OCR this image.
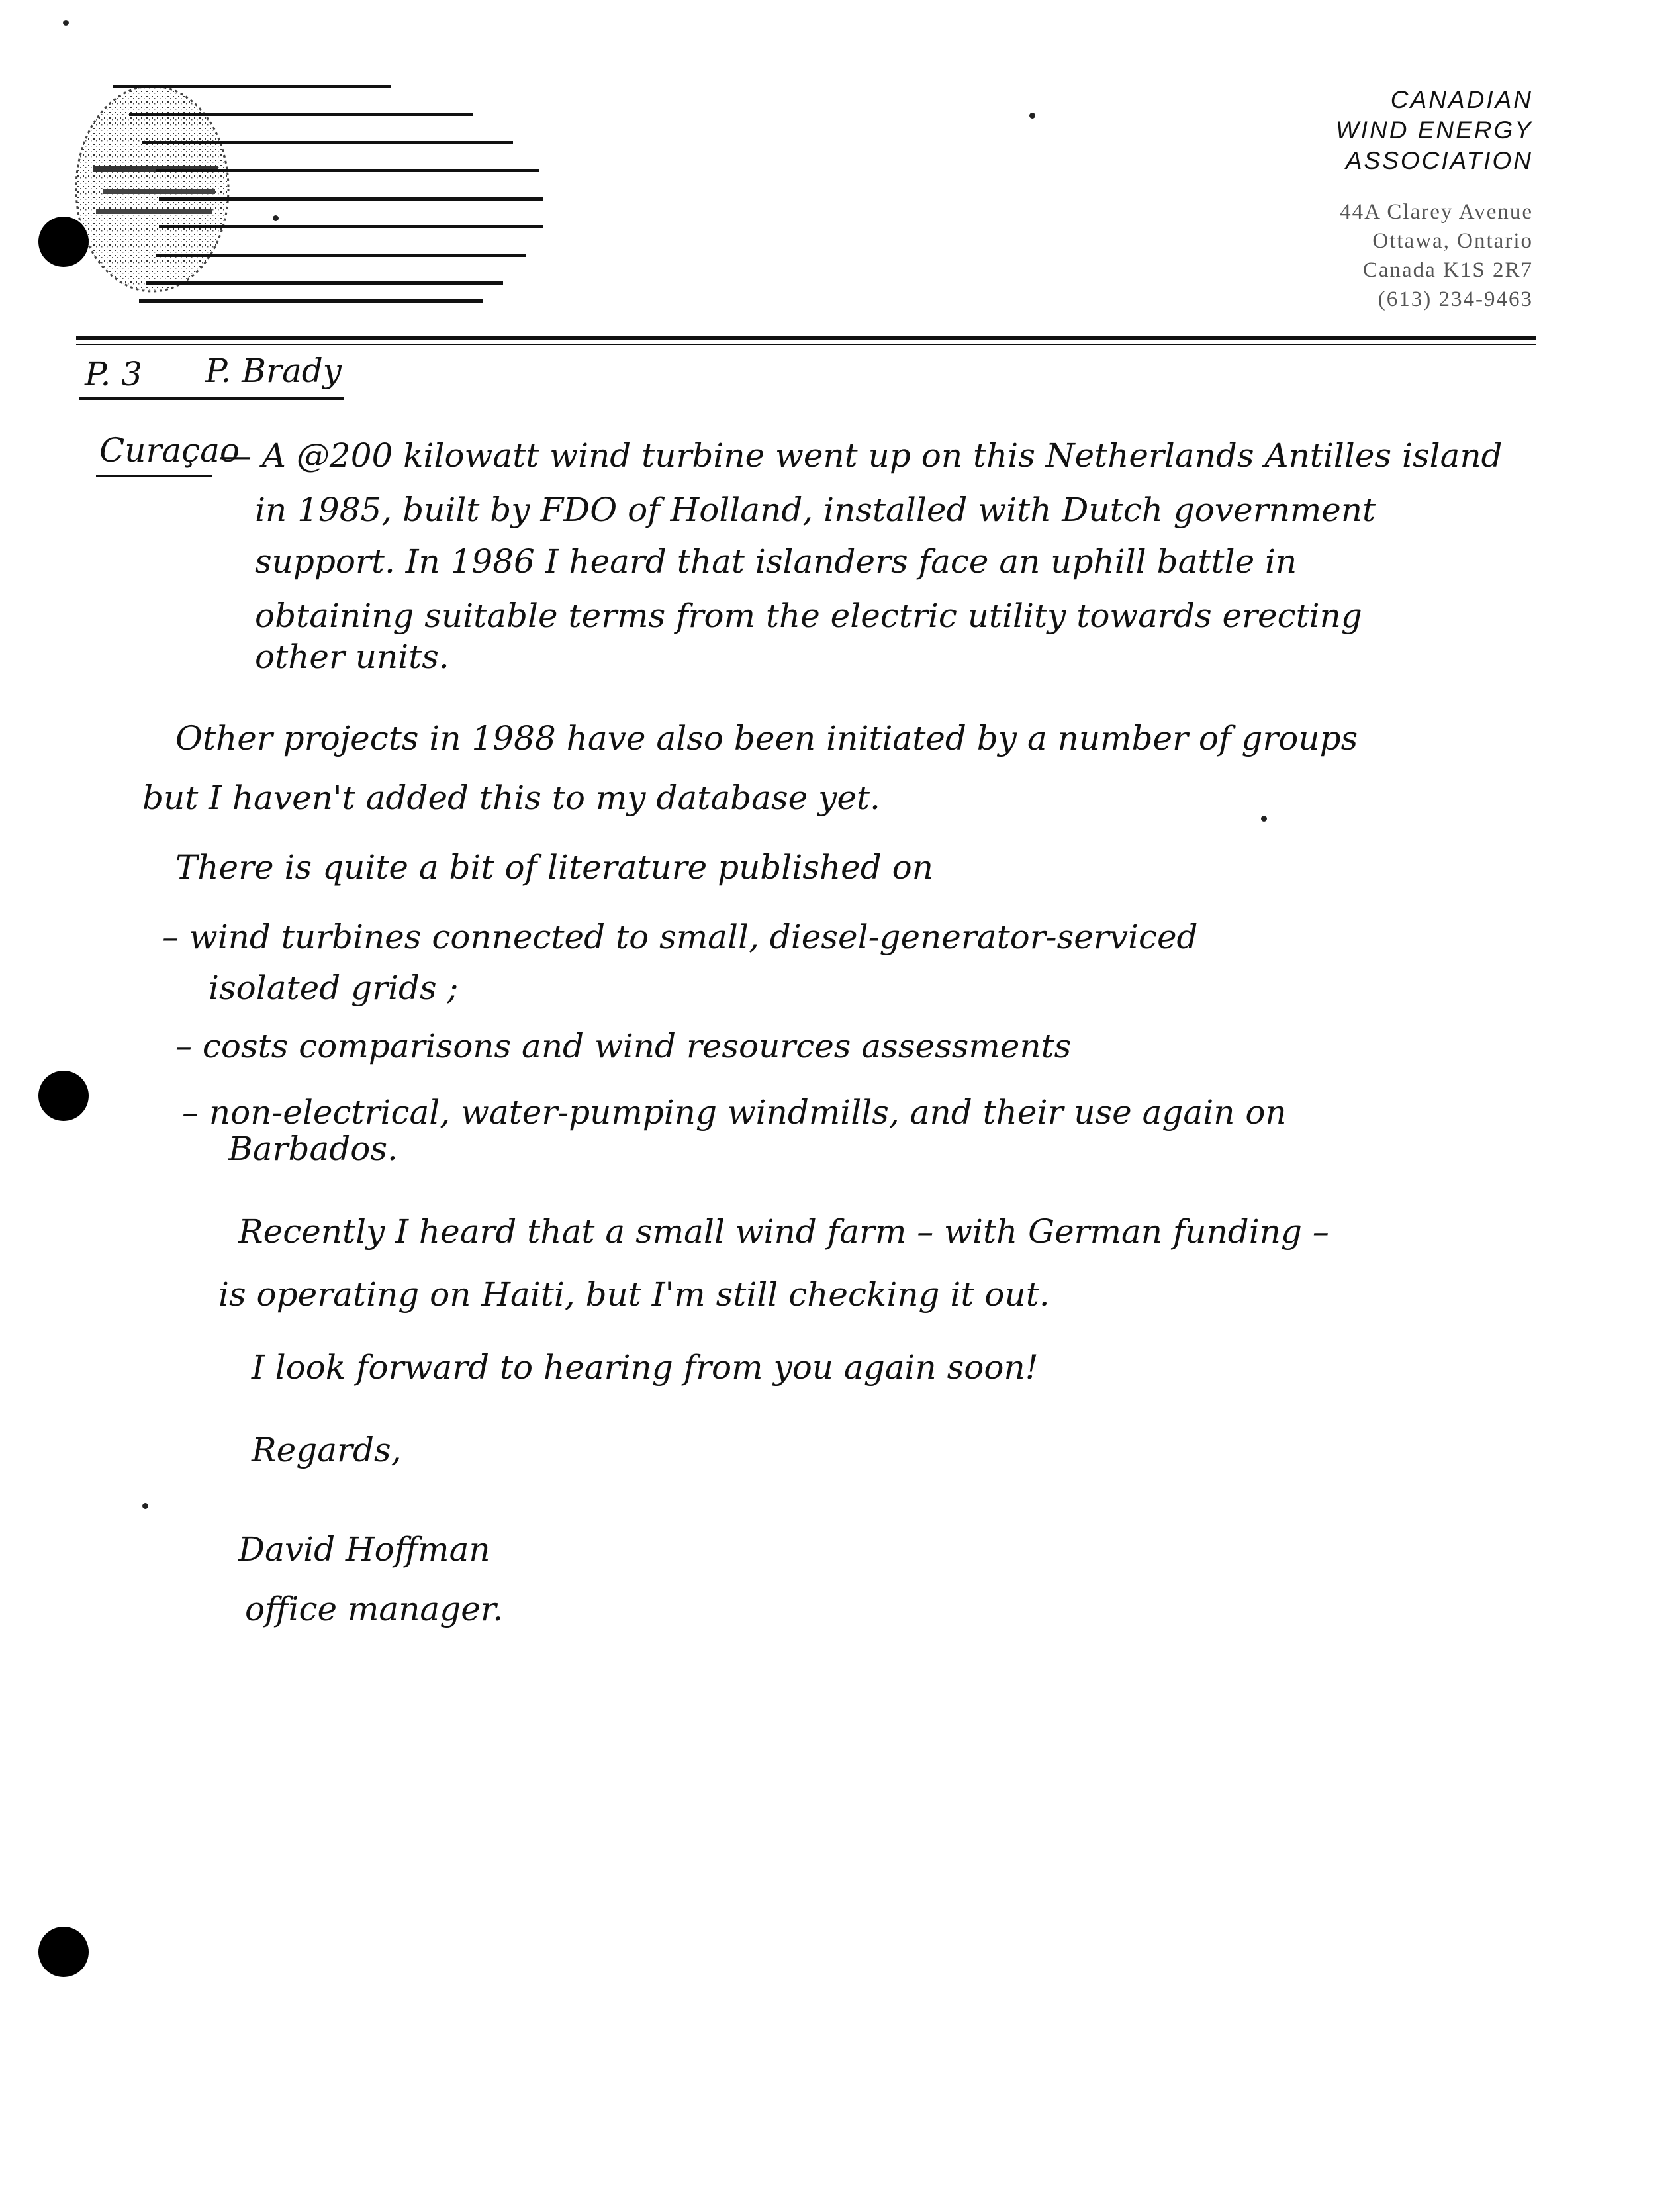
CANADIAN
WIND ENERGY
ASSOCIATION
44A Clarey Avenue
Ottawa, Ontario
Canada K1S 2R7
(613) 234-9463
P. 3 P. Brady
Curaçao
— A @200 kilowatt wind turbine went up on this Netherlands Antilles island
in 1985, built by FDO of Holland, installed with Dutch government
support. In 1986 I heard that islanders face an uphill battle in
obtaining suitable terms from the electric utility towards erecting
other units.
Other projects in 1988 have also been initiated by a number of groups
but I haven't added this to my database yet.
There is quite a bit of literature published on
– wind turbines connected to small, diesel-generator-serviced
isolated grids ;
– costs comparisons and wind resources assessments
– non-electrical, water-pumping windmills, and their use again on
Barbados.
Recently I heard that a small wind farm – with German funding –
is operating on Haiti, but I'm still checking it out.
I look forward to hearing from you again soon!
Regards,
David Hoffman
office manager.
